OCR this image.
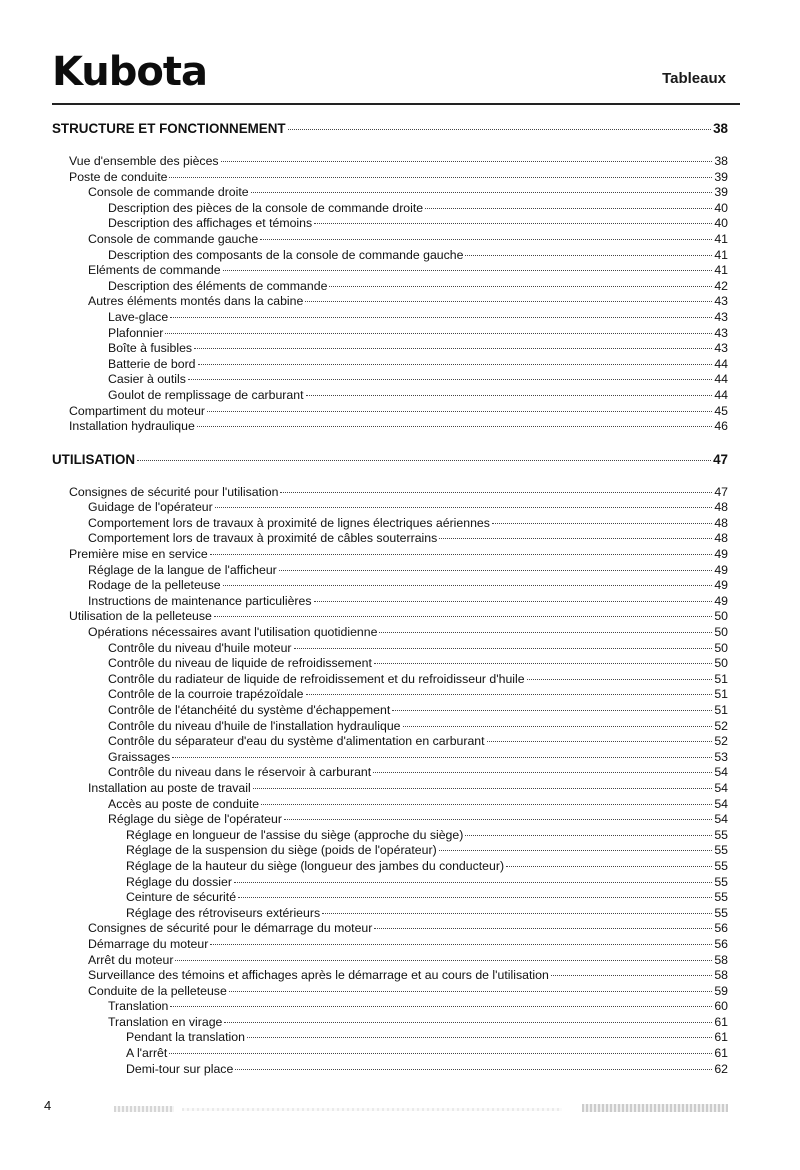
Kubota	Tableaux
STRUCTURE ET FONCTIONNEMENT	38
Vue d'ensemble des pièces	38
Poste de conduite	39
Console de commande droite	39
Description des pièces de la console de commande droite	40
Description des affichages et témoins	40
Console de commande gauche	41
Description des composants de la console de commande gauche	41
Eléments de commande	41
Description des éléments de commande	42
Autres éléments montés dans la cabine	43
Lave-glace	43
Plafonnier	43
Boîte à fusibles	43
Batterie de bord	44
Casier à outils	44
Goulot de remplissage de carburant	44
Compartiment du moteur	45
Installation hydraulique	46
UTILISATION	47
Consignes de sécurité pour l'utilisation	47
Guidage de l'opérateur	48
Comportement lors de travaux à proximité de lignes électriques aériennes	48
Comportement lors de travaux à proximité de câbles souterrains	48
Première mise en service	49
Réglage de la langue de l'afficheur	49
Rodage de la pelleteuse	49
Instructions de maintenance particulières	49
Utilisation de la pelleteuse	50
Opérations nécessaires avant l'utilisation quotidienne	50
Contrôle du niveau d'huile moteur	50
Contrôle du niveau de liquide de refroidissement	50
Contrôle du radiateur de liquide de refroidissement et du refroidisseur d'huile	51
Contrôle de la courroie trapézoïdale	51
Contrôle de l'étanchéité du système d'échappement	51
Contrôle du niveau d'huile de l'installation hydraulique	52
Contrôle du séparateur d'eau du système d'alimentation en carburant	52
Graissages	53
Contrôle du niveau dans le réservoir à carburant	54
Installation au poste de travail	54
Accès au poste de conduite	54
Réglage du siège de l'opérateur	54
Réglage en longueur de l'assise du siège (approche du siège)	55
Réglage de la suspension du siège (poids de l'opérateur)	55
Réglage de la hauteur du siège (longueur des jambes du conducteur)	55
Réglage du dossier	55
Ceinture de sécurité	55
Réglage des rétroviseurs extérieurs	55
Consignes de sécurité pour le démarrage du moteur	56
Démarrage du moteur	56
Arrêt du moteur	58
Surveillance des témoins et affichages après le démarrage et au cours de l'utilisation	58
Conduite de la pelleteuse	59
Translation	60
Translation en virage	61
Pendant la translation	61
A l'arrêt	61
Demi-tour sur place	62
4
